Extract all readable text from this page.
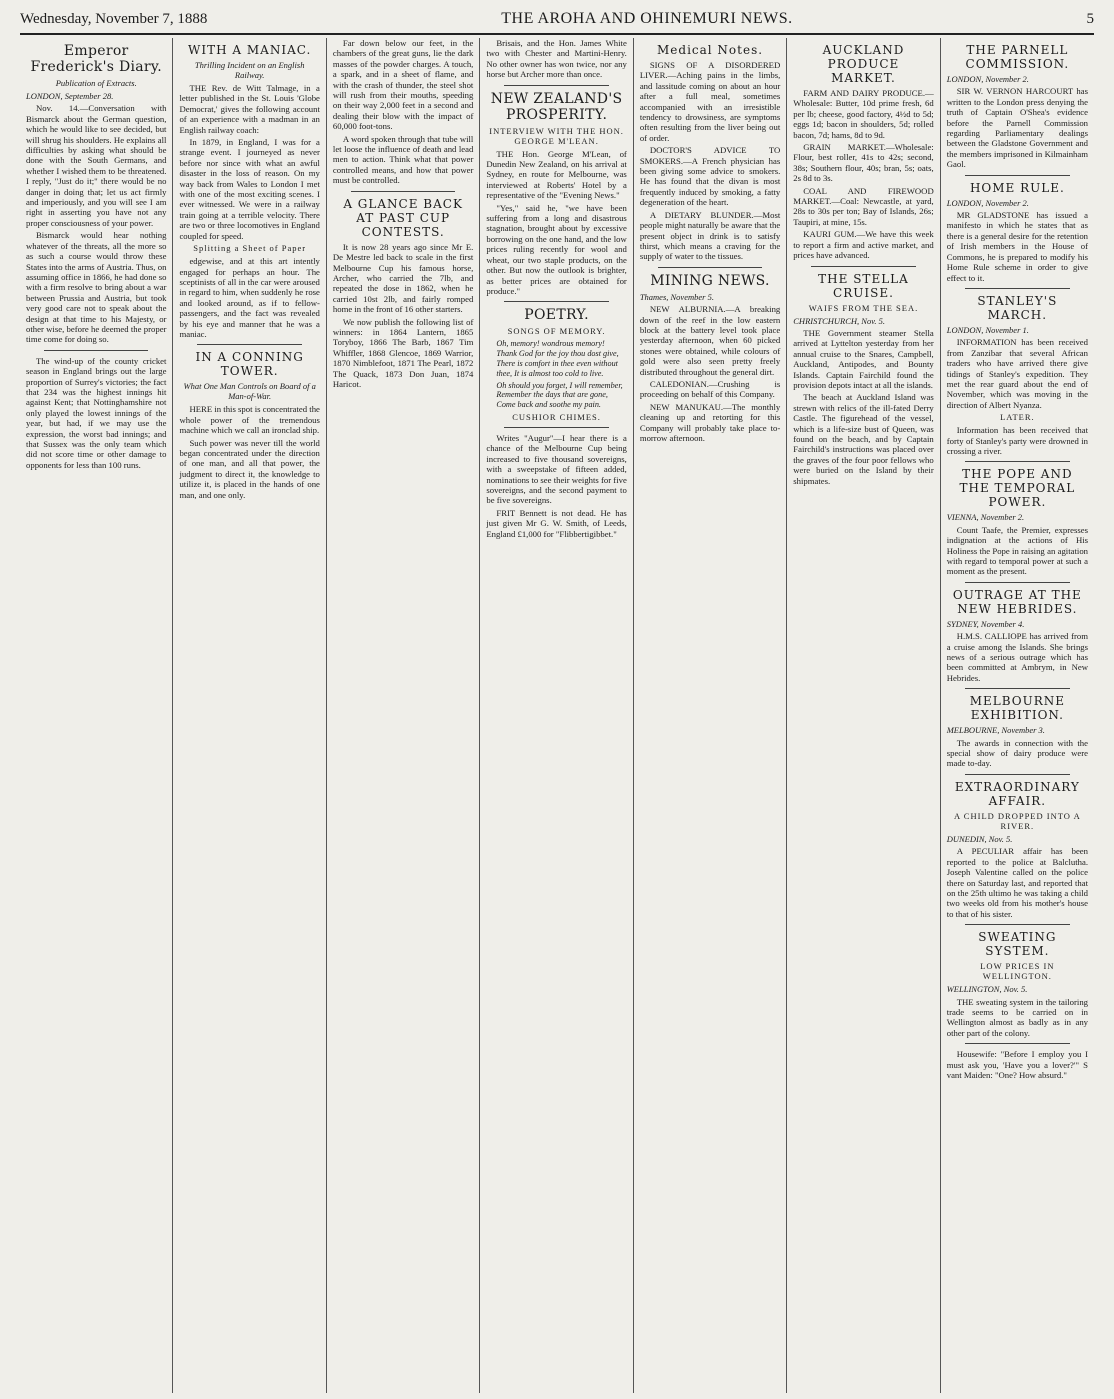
Wednesday, November 7, 1888	THE AROHA AND OHINEMURI NEWS.	5
Emperor Frederick's Diary.
Publication of Extracts.
LONDON, September 28.

Nov. 14.—Conversation with Bismarck about the German question, which he would like to see decided, but will shrug his shoulders. He explains all difficulties by asking what should be done with the South Germans, and whether I wished them to be threatened. I reply, "Just do it;" there would be no danger in doing that; let us act firmly and imperiously, and you will see I am right in asserting you have not any proper consciousness of your power.

Bismarck would hear nothing whatever of the threats, all the more so as such a course would throw these States into the arms of Austria. Thus, on assuming office in 1866, he had done so with a firm resolve to bring about a war between Prussia and Austria, but took very good care not to speak about the design at that time to his Majesty, or other wise, before he deemed the proper time come for doing so.

The wind-up of the county cricket season in England brings out the large proportion of Surrey's victories; the fact that 234 was the highest innings hit against Kent; that Nottinghamshire not only played the lowest innings of the year, but had, if we may use the expression, the worst bad innings; and that Sussex was the only team which did not score time or other damage to opponents for less than 100 runs.

WITH A MANIAC.
Thrilling Incident on an English Railway.

THE Rev. de Witt Talmage, in a letter published in the St. Louis 'Globe Democrat,' gives the following account of an experience with a madman in an English railway coach:

In 1879, in England, I was for a strange event. I journeyed as never before nor since with what an awful disaster in the loss of reason. On my way back from Wales to London I met with one of the most exciting scenes. I ever witnessed. We were in a railway train going at a terrible velocity. There are two or three locomotives in England coupled for speed.

Splitting a Sheet of Paper

edgewise, and at this art intently engaged for perhaps an hour. The sceptinists of all in the car were aroused in regard to him, when suddenly he rose and looked around, as if to fellow-passengers, and the fact was revealed by his eye and manner that he was a maniac.

IN A CONNING TOWER.
What One Man Controls on Board of a Man-of-War.

HERE in this spot is concentrated the whole power of the tremendous machine which we call an ironclad ship.

Such power was never till the world began concentrated under the direction of one man, and all that power, the judgment to direct it, the knowledge to utilize it, is placed in the hands of one man, and one only.

Far down below our feet, in the chambers of the great guns, lie the dark masses of the powder charges. A touch, a spark, and in a sheet of flame, and with the crash of thunder, the steel shot will rush from their mouths, speeding on their way 2,000 feet in a second and dealing their blow with the impact of 60,000 foot-tons.

A word spoken through that tube will let loose the influence of death and lead men to action. Think what that power controlled means, and how that power must be controlled.

A GLANCE BACK AT PAST CUP CONTESTS.

It is now 28 years ago since Mr E. De Mestre led back to scale in the first Melbourne Cup his famous horse, Archer, who carried the 7lb, and repeated the dose in 1862, when he carried 10st 2lb, and fairly romped home in the front of 16 other starters.

We now publish the following list of winners: in 1864 Lantern, 1865 Toryboy, 1866 The Barb, 1867 Tim Whiffler, 1868 Glencoe, 1869 Warrior, 1870 Nimblefoot, 1871 The Pearl, 1872 The Quack, 1873 Don Juan, 1874 Haricot.

Brisais, and the Hon. James White two with Chester and Martini-Henry. No other owner has won twice, nor any horse but Archer more than once.

NEW ZEALAND'S PROSPERITY.
INTERVIEW WITH THE HON. GEORGE M'LEAN.

THE Hon. George M'Lean, of Dunedin New Zealand, on his arrival at Sydney, en route for Melbourne, was interviewed at Roberts' Hotel by a representative of the "Evening News."

"Yes," said he, "we have been suffering from a long and disastrous stagnation, brought about by excessive borrowing on the one hand, and the low prices ruling recently for wool and wheat, our two staple products, on the other. But now the outlook is brighter, as better prices are obtained for produce."

POETRY.
SONGS OF MEMORY.

Oh, memory! wondrous memory! Thank God for the joy thou dost give, There is comfort in thee even without thee, It is almost too cold to live.

Oh should you forget, I will remember, Remember the days that are gone, Come back and soothe my pain.

CUSHIOR CHIMES.

Writes "Augur"—I hear there is a chance of the Melbourne Cup being increased to five thousand sovereigns, with a sweepstake of fifteen added, nominations to see their weights for five sovereigns, and the second payment to be five sovereigns.

FRIT Bennett is not dead. He has just given Mr G. W. Smith, of Leeds, England £1,000 for "Flibbertigibbet."

Medical Notes.

SIGNS OF A DISORDERED LIVER.—Aching pains in the limbs, and lassitude coming on about an hour after a full meal, sometimes accompanied with an irresistible tendency to drowsiness, are symptoms often resulting from the liver being out of order.

DOCTOR'S ADVICE TO SMOKERS.—A French physician has been giving some advice to smokers. He has found that the divan is most frequently induced by smoking, a fatty degeneration of the heart.

A DIETARY BLUNDER.—Most people might naturally be aware that the present object in drink is to satisfy thirst, which means a craving for the supply of water to the tissues.

MINING NEWS.
Thames, November 5.

NEW ALBURNIA.—A breaking down of the reef in the low eastern block at the battery level took place yesterday afternoon, when 60 picked stones were obtained, while colours of gold were also seen pretty freely distributed throughout the general dirt.

CALEDONIAN.—Crushing is proceeding on behalf of this Company.

NEW MANUKAU.—The monthly cleaning up and retorting for this Company will probably take place to-morrow afternoon.

AUCKLAND PRODUCE MARKET.

FARM AND DAIRY PRODUCE.—Wholesale: Butter, 10d prime fresh, 6d per lb; cheese, good factory, 4½d to 5d; eggs 1d; bacon in shoulders, 5d; rolled bacon, 7d; hams, 8d to 9d.

GRAIN MARKET.—Wholesale: Flour, best roller, 41s to 42s; second, 38s; Southern flour, 40s; bran, 5s; oats, 2s 8d to 3s.

COAL AND FIREWOOD MARKET.—Coal: Newcastle, at yard, 28s to 30s per ton; Bay of Islands, 26s; Taupiri, at mine, 15s.

KAURI GUM.—We have this week to report a firm and active market, and prices have advanced.

THE STELLA CRUISE.
WAIFS FROM THE SEA.
CHRISTCHURCH, Nov. 5.

THE Government steamer Stella arrived at Lyttelton yesterday from her annual cruise to the Snares, Campbell, Auckland, Antipodes, and Bounty Islands. Captain Fairchild found the provision depots intact at all the islands.

The beach at Auckland Island was strewn with relics of the ill-fated Derry Castle. The figurehead of the vessel, which is a life-size bust of Queen, was found on the beach, and by Captain Fairchild's instructions was placed over the graves of the four poor fellows who were buried on the Island by their shipmates.

THE PARNELL COMMISSION.
LONDON, November 2.

SIR W. VERNON HARCOURT has written to the London press denying the truth of Captain O'Shea's evidence before the Parnell Commission regarding Parliamentary dealings between the Gladstone Government and the members imprisoned in Kilmainham Gaol.

HOME RULE.
LONDON, November 2.

MR GLADSTONE has issued a manifesto in which he states that as there is a general desire for the retention of Irish members in the House of Commons, he is prepared to modify his Home Rule scheme in order to give effect to it.

STANLEY'S MARCH.
LONDON, November 1.

INFORMATION has been received from Zanzibar that several African traders who have arrived there give tidings of Stanley's expedition. They met the rear guard about the end of November, which was moving in the direction of Albert Nyanza.

LATER.

Information has been received that forty of Stanley's party were drowned in crossing a river.

THE POPE AND THE TEMPORAL POWER.
VIENNA, November 2.

Count Taafe, the Premier, expresses indignation at the actions of His Holiness the Pope in raising an agitation with regard to temporal power at such a moment as the present.

OUTRAGE AT THE NEW HEBRIDES.
SYDNEY, November 4.

H.M.S. CALLIOPE has arrived from a cruise among the Islands. She brings news of a serious outrage which has been committed at Ambrym, in New Hebrides.

MELBOURNE EXHIBITION.
MELBOURNE, November 3.

The awards in connection with the special show of dairy produce were made to-day.

EXTRAORDINARY AFFAIR.
A CHILD DROPPED INTO A RIVER.
DUNEDIN, Nov. 5.

A PECULIAR affair has been reported to the police at Balclutha. Joseph Valentine called on the police there on Saturday last, and reported that on the 25th ultimo he was taking a child two weeks old from his mother's house to that of his sister.

SWEATING SYSTEM.
LOW PRICES IN WELLINGTON.
WELLINGTON, Nov. 5.

THE sweating system in the tailoring trade seems to be carried on in Wellington almost as badly as in any other part of the colony.

Housewife: "Before I employ you I must ask you, 'Have you a lover?'" S vant Maiden: "One? How absurd."
